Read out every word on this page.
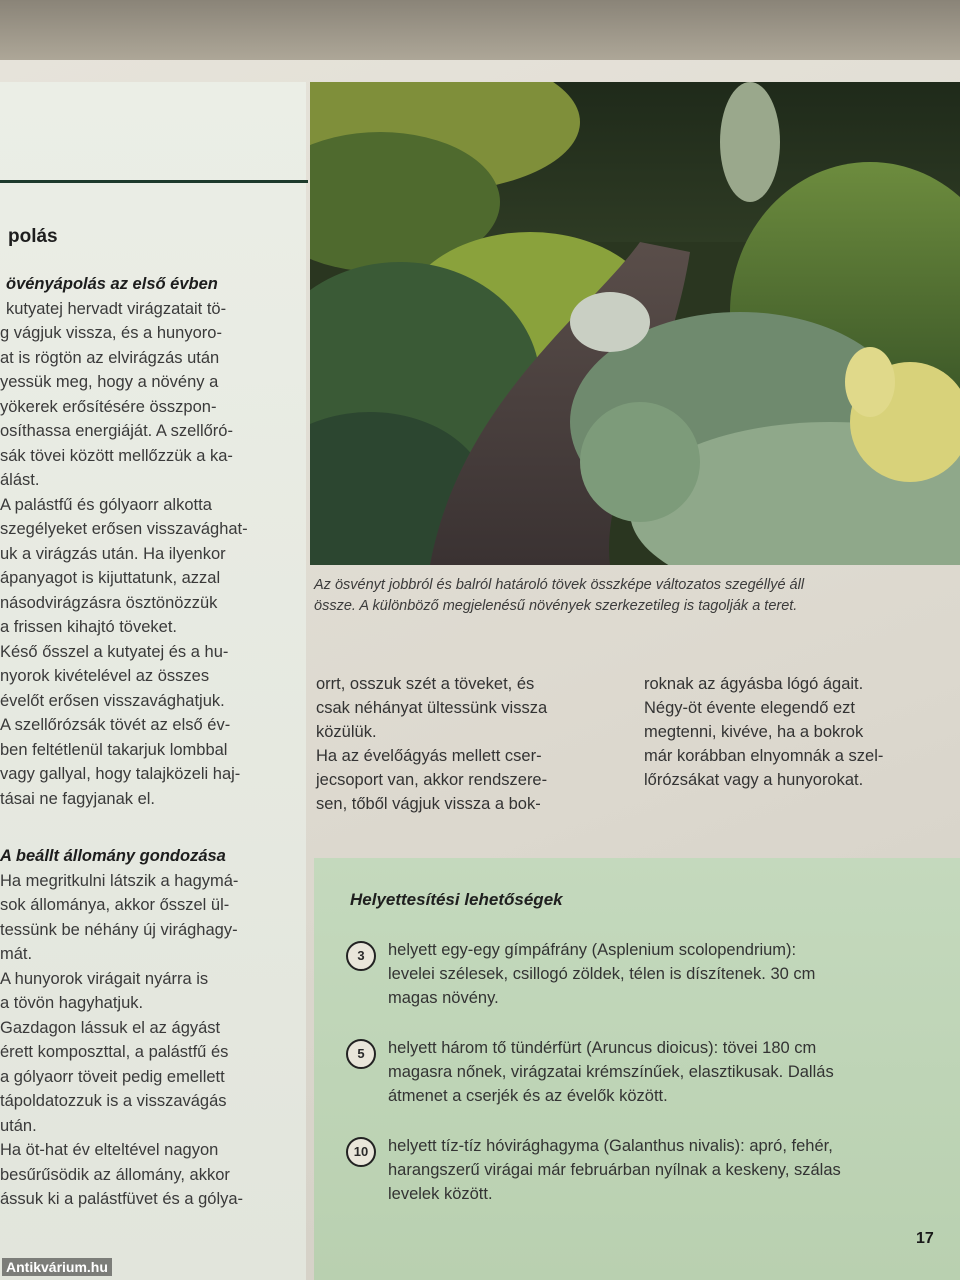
polás

övényápolás az első évben

kutyatej hervadt virágzatait tö-

g vágjuk vissza, és a hunyoro-

at is rögtön az elvirágzás után

yessük meg, hogy a növény a

yökerek erősítésére összpon-

osíthassa energiáját. A szellőró-

sák tövei között mellőzzük a ka-

álást.

A palástfű és gólyaorr alkotta

szegélyeket erősen visszavághat-

uk a virágzás után. Ha ilyenkor

ápanyagot is kijuttatunk, azzal

násodvirágzásra ösztönözzük

a frissen kihajtó töveket.

Késő ősszel a kutyatej és a hu-

nyorok kivételével az összes

évelőt erősen visszavághatjuk.

A szellőrózsák tövét az első év-

ben feltétlenül takarjuk lombbal

vagy gallyal, hogy talajközeli haj-

tásai ne fagyjanak el.

A beállt állomány gondozása

Ha megritkulni látszik a hagymá-

sok állománya, akkor ősszel ül-

tessünk be néhány új virághagy-

mát.

A hunyorok virágait nyárra is

a tövön hagyhatjuk.

Gazdagon lássuk el az ágyást

érett komposzttal, a palástfű és

a gólyaorr töveit pedig emellett

tápoldatozzuk is a visszavágás

után.

Ha öt-hat év elteltével nagyon

besűrűsödik az állomány, akkor

ássuk ki a palástfüvet és a gólya-

Az ösvényt jobbról és balról határoló tövek összképe változatos szegéllyé áll
össze. A különböző megjelenésű növények szerkezetileg is tagolják a teret.

orrt, osszuk szét a töveket, és

csak néhányat ültessünk vissza

közülük.

Ha az évelőágyás mellett cser-

jecsoport van, akkor rendszere-

sen, tőből vágjuk vissza a bok-

roknak az ágyásba lógó ágait.

Négy-öt évente elegendő ezt

megtenni, kivéve, ha a bokrok

már korábban elnyomnák a szel-

lőrózsákat vagy a hunyorokat.

Helyettesítési lehetőségek
3	helyett egy-egy gímpáfrány (Asplenium scolopendrium):
levelei szélesek, csillogó zöldek, télen is díszítenek. 30 cm
magas növény.
5	helyett három tő tündérfürt (Aruncus dioicus): tövei 180 cm
magasra nőnek, virágzatai krémszínűek, elasztikusak. Dallás
átmenet a cserjék és az évelők között.
10	helyett tíz-tíz hóvirághagyma (Galanthus nivalis): apró, fehér,
harangszerű virágai már februárban nyílnak a keskeny, szálas
levelek között.
17
Antikvárium.hu
